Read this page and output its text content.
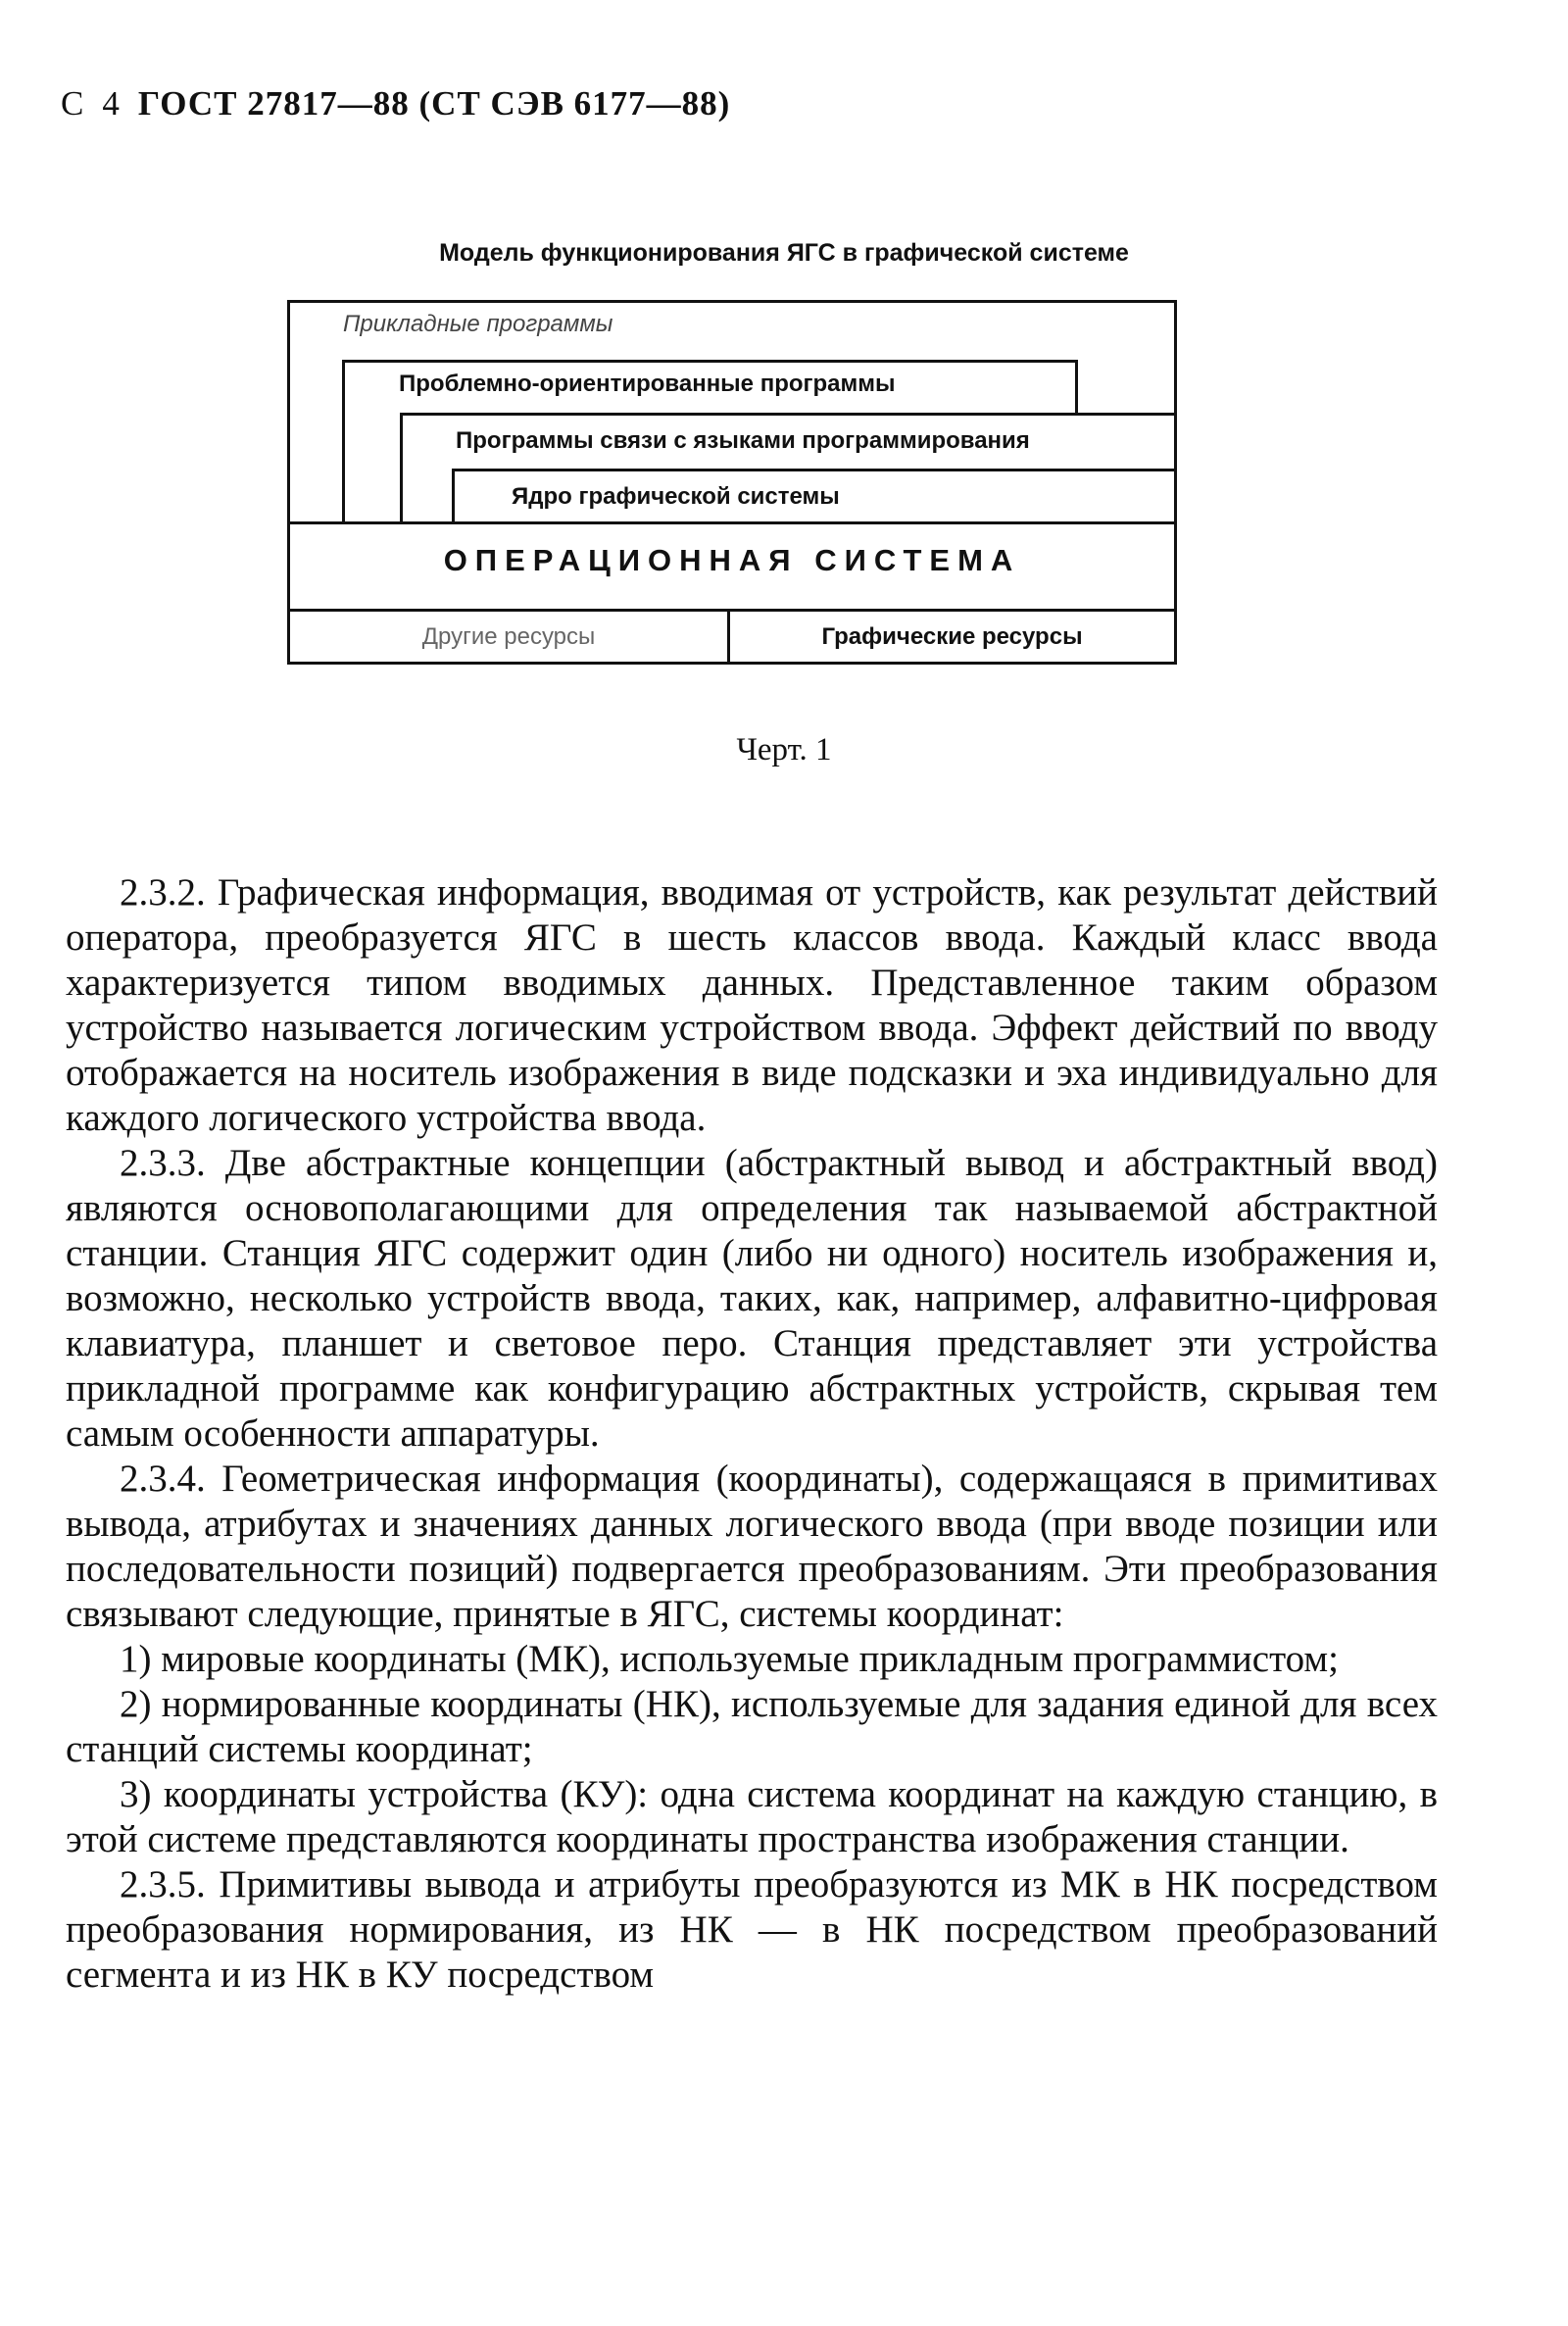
С 4 ГОСТ 27817—88 (СТ СЭВ 6177—88)
Модель функционирования ЯГС в графической системе
Прикладные программы
Проблемно-ориентированные программы
Программы связи с языками программирования
Ядро графической системы
ОПЕРАЦИОННАЯ СИСТЕМА
Другие ресурсы	Графические ресурсы
Черт. 1

2.3.2. Графическая информация, вводимая от устройств, как результат действий оператора, преобразуется ЯГС в шесть классов ввода. Каждый класс ввода характеризуется типом вводимых данных. Представленное таким образом устройство называется логическим устройством ввода. Эффект действий по вводу отображается на носитель изображения в виде подсказки и эха индивидуально для каждого логического устройства ввода.

2.3.3. Две абстрактные концепции (абстрактный вывод и абстрактный ввод) являются основополагающими для определения так называемой абстрактной станции. Станция ЯГС содержит один (либо ни одного) носитель изображения и, возможно, несколько устройств ввода, таких, как, например, алфавитно-цифровая клавиатура, планшет и световое перо. Станция представляет эти устройства прикладной программе как конфигурацию абстрактных устройств, скрывая тем самым особенности аппаратуры.

2.3.4. Геометрическая информация (координаты), содержащаяся в примитивах вывода, атрибутах и значениях данных логического ввода (при вводе позиции или последовательности позиций) подвергается преобразованиям. Эти преобразования связывают следующие, принятые в ЯГС, системы координат:

1) мировые координаты (МК), используемые прикладным программистом;

2) нормированные координаты (НК), используемые для задания единой для всех станций системы координат;

3) координаты устройства (КУ): одна система координат на каждую станцию, в этой системе представляются координаты пространства изображения станции.

2.3.5. Примитивы вывода и атрибуты преобразуются из МК в НК посредством преобразования нормирования, из НК — в НК посредством преобразований сегмента и из НК в КУ посредством
